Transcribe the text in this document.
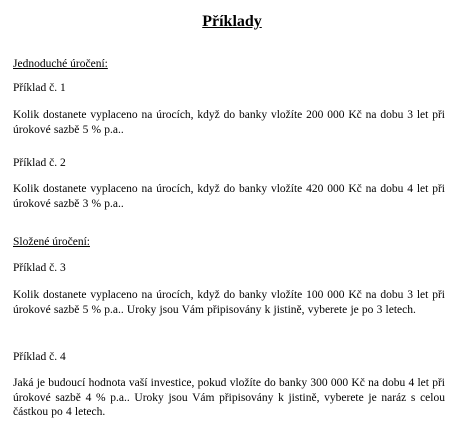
Příklady
Jednoduché úročení:
Příklad č. 1
Kolik dostanete vyplaceno na úrocích, když do banky vložíte 200 000 Kč na dobu 3 let při úrokové sazbě 5 % p.a..
Příklad č. 2
Kolik dostanete vyplaceno na úrocích, když do banky vložíte 420 000 Kč na dobu 4 let při úrokové sazbě 3 % p.a..
Složené úročení:
Příklad č. 3
Kolik dostanete vyplaceno na úrocích, když do banky vložíte 100 000 Kč na dobu 3 let při úrokové sazbě 5 % p.a.. Uroky jsou Vám připisovány k jistině, vyberete je po 3 letech.
Příklad č. 4
Jaká je budoucí hodnota vaší investice, pokud vložíte do banky 300 000 Kč na dobu 4 let při úrokové sazbě 4 % p.a.. Uroky jsou Vám připisovány k jistině, vyberete je naráz s celou částkou po 4 letech.
